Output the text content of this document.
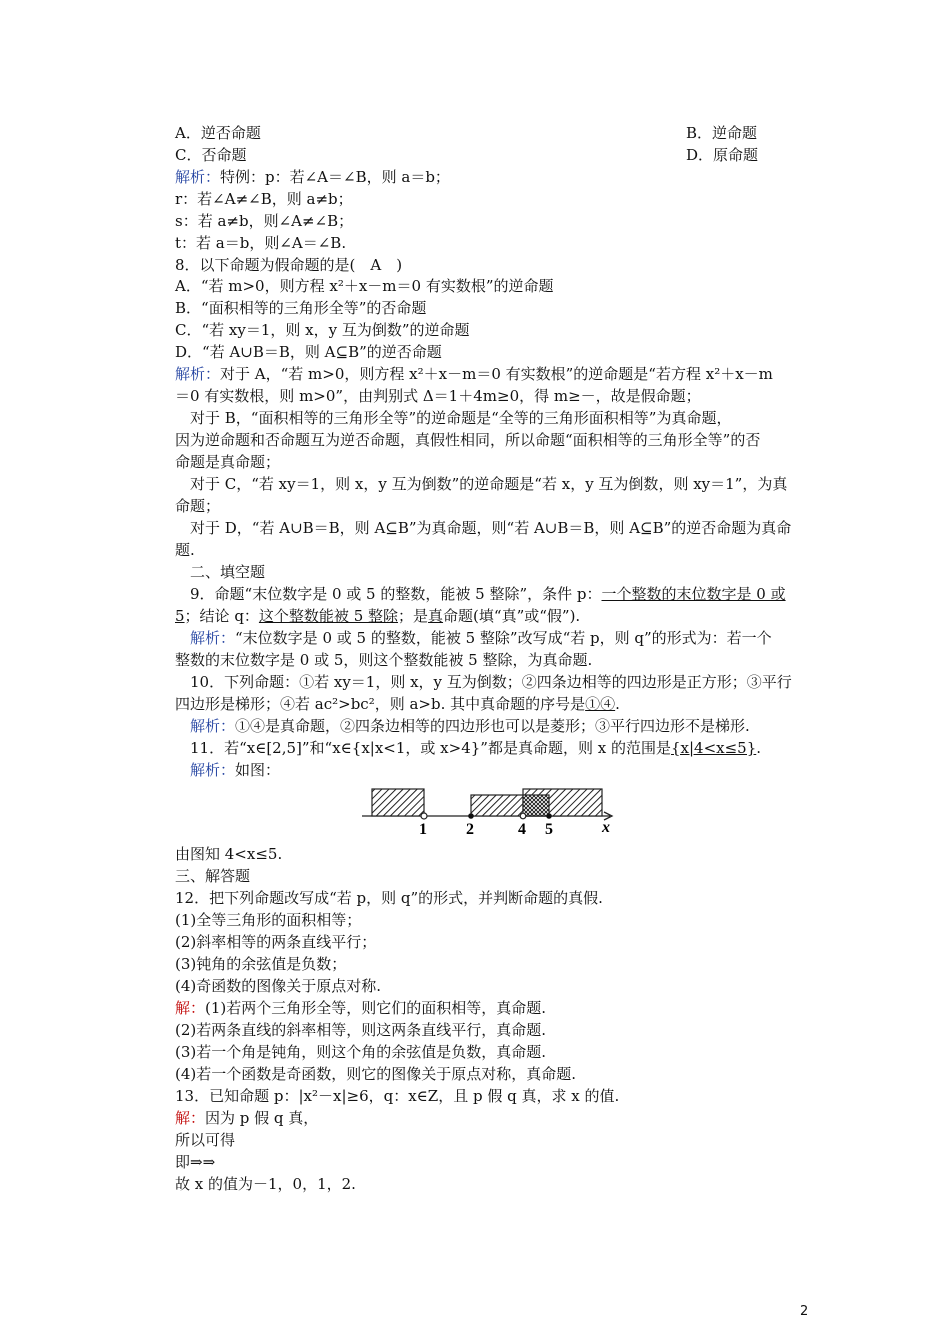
A．逆否命题	B．逆命题
C．否命题	D．原命题
解析：特例：p：若∠A＝∠B，则 a＝b；
r：若∠A≠∠B，则 a≠b；
s：若 a≠b，则∠A≠∠B；
t：若 a＝b，则∠A＝∠B.
8．以下命题为假命题的是(　A　)
A．“若 m>0，则方程 x²＋x－m＝0 有实数根”的逆命题
B．“面积相等的三角形全等”的否命题
C．“若 xy＝1，则 x，y 互为倒数”的逆命题
D．“若 A∪B＝B，则 A⊆B”的逆否命题
解析：对于 A，“若 m>0，则方程 x²＋x－m＝0 有实数根”的逆命题是“若方程 x²＋x－m
＝0 有实数根，则 m>0”，由判别式 Δ＝1＋4m≥0，得 m≥－，故是假命题；
对于 B，“面积相等的三角形全等”的逆命题是“全等的三角形面积相等”为真命题，
因为逆命题和否命题互为逆否命题，真假性相同，所以命题“面积相等的三角形全等”的否
命题是真命题；
对于 C，“若 xy＝1，则 x，y 互为倒数”的逆命题是“若 x，y 互为倒数，则 xy＝1”，为真
命题；
对于 D，“若 A∪B＝B，则 A⊆B”为真命题，则“若 A∪B＝B，则 A⊆B”的逆否命题为真命
题.
二、填空题
9．命题“末位数字是 0 或 5 的整数，能被 5 整除”，条件 p：一个整数的末位数字是 0 或
5；结论 q：这个整数能被 5 整除；是真命题(填“真”或“假”).
解析：“末位数字是 0 或 5 的整数，能被 5 整除”改写成“若 p，则 q”的形式为：若一个
整数的末位数字是 0 或 5，则这个整数能被 5 整除，为真命题.
10．下列命题：①若 xy＝1，则 x，y 互为倒数；②四条边相等的四边形是正方形；③平行
四边形是梯形；④若 ac²>bc²，则 a>b. 其中真命题的序号是①④.
解析：①④是真命题，②四条边相等的四边形也可以是菱形；③平行四边形不是梯形.
11．若“x∈[2,5]”和“x∈{x|x<1，或 x>4}”都是真命题，则 x 的范围是{x|4<x≤5}.
解析：如图：
1 2	4 5	x
由图知 4<x≤5.
三、解答题
12．把下列命题改写成“若 p，则 q”的形式，并判断命题的真假.
(1)全等三角形的面积相等；
(2)斜率相等的两条直线平行；
(3)钝角的余弦值是负数；
(4)奇函数的图像关于原点对称.
解：(1)若两个三角形全等，则它们的面积相等，真命题.
(2)若两条直线的斜率相等，则这两条直线平行，真命题.
(3)若一个角是钝角，则这个角的余弦值是负数，真命题.
(4)若一个函数是奇函数，则它的图像关于原点对称，真命题.
13．已知命题 p：|x²－x|≥6，q：x∈Z，且 p 假 q 真，求 x 的值.
解：因为 p 假 q 真，
所以可得
即⇒⇒
故 x 的值为－1，0，1，2.
2
